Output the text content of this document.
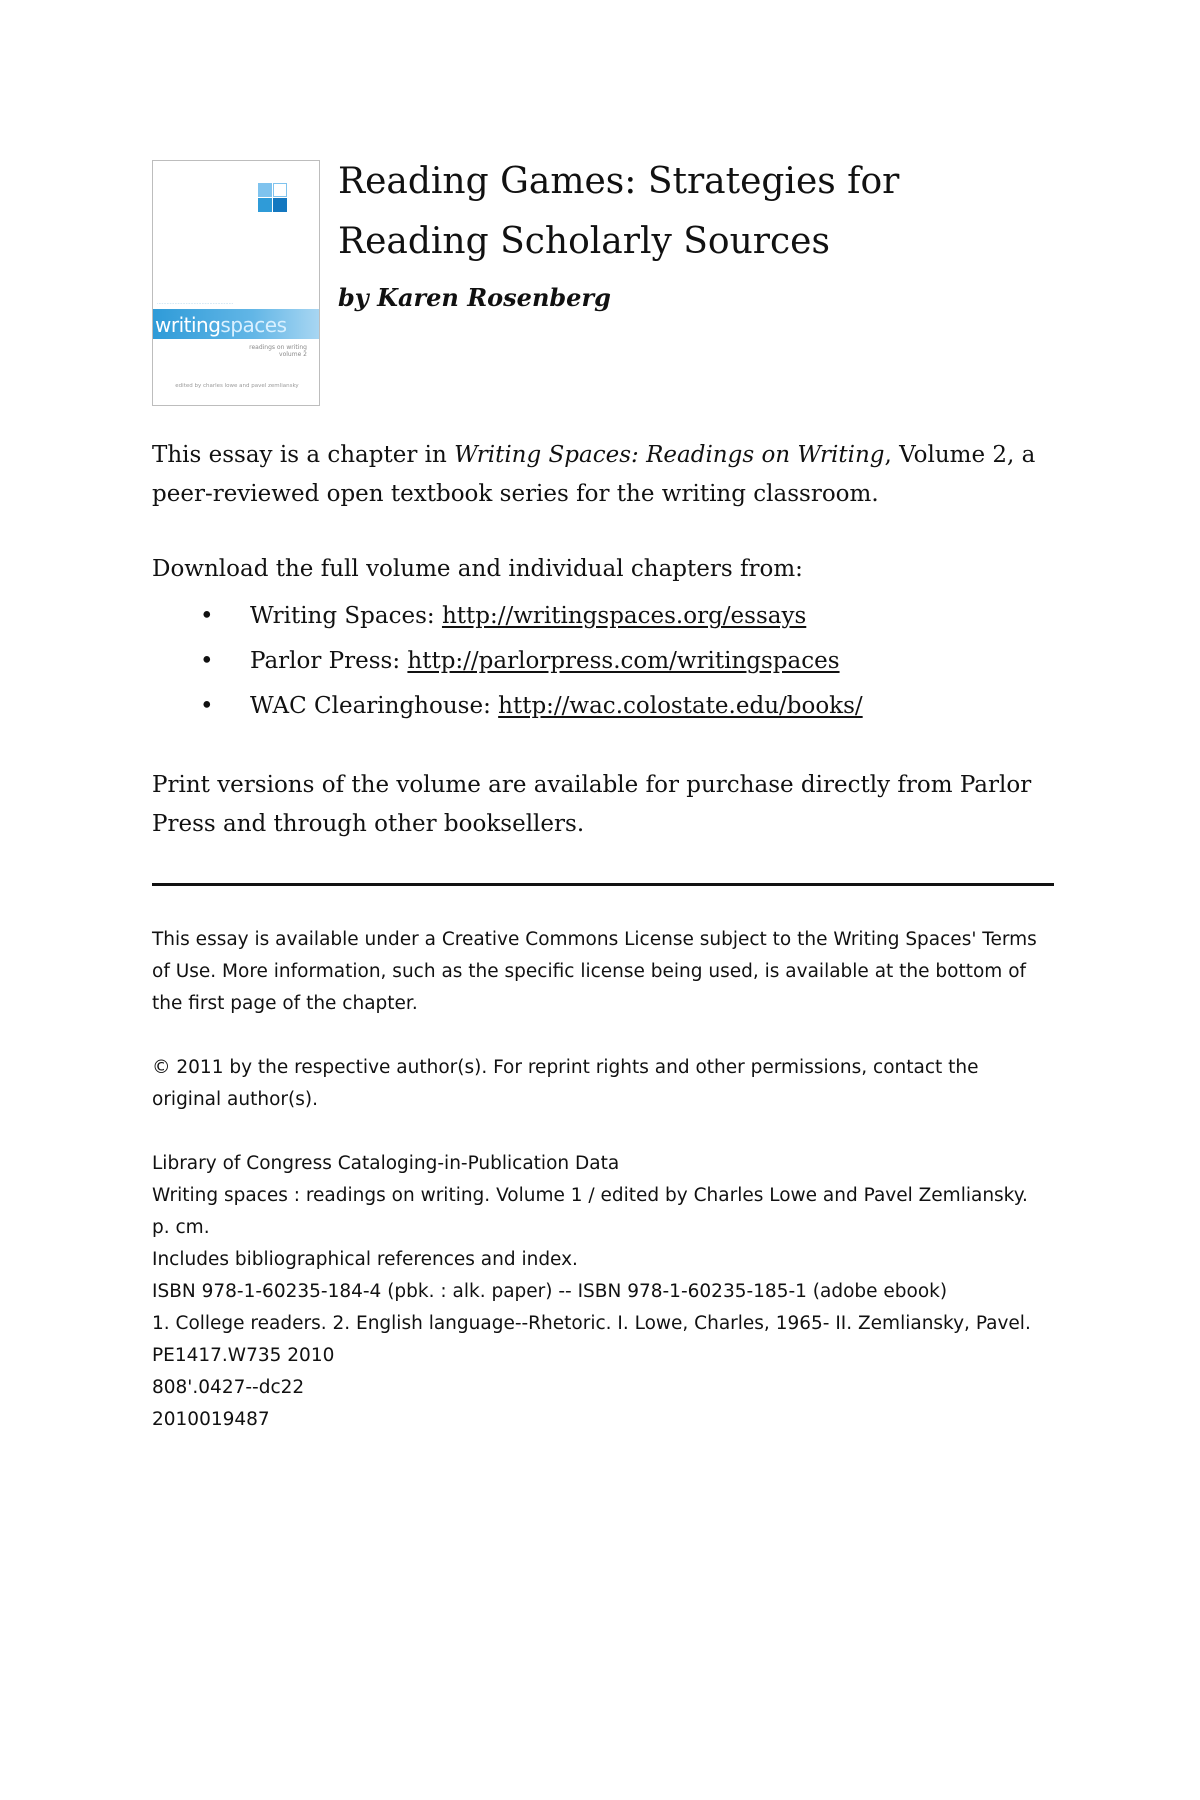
················································
writingspaces
readings on writing volume 2
edited by charles lowe and pavel zemliansky
Reading Games: Strategies for
Reading Scholarly Sources
by Karen Rosenberg

This essay is a chapter in Writing Spaces: Readings on Writing, Volume 2, a peer-reviewed open textbook series for the writing classroom.

Download the full volume and individual chapters from:

• Writing Spaces: http://writingspaces.org/essays
• Parlor Press: http://parlorpress.com/writingspaces
• WAC Clearinghouse: http://wac.colostate.edu/books/

Print versions of the volume are available for purchase directly from Parlor Press and through other booksellers.

This essay is available under a Creative Commons License subject to the Writing Spaces' Terms of Use. More information, such as the specific license being used, is available at the bottom of the first page of the chapter.

© 2011 by the respective author(s). For reprint rights and other permissions, contact the original author(s).

Library of Congress Cataloging-in-Publication Data
Writing spaces : readings on writing. Volume 1 / edited by Charles Lowe and Pavel Zemliansky.
p. cm.
Includes bibliographical references and index.
ISBN 978-1-60235-184-4 (pbk. : alk. paper) -- ISBN 978-1-60235-185-1 (adobe ebook)
1. College readers. 2. English language--Rhetoric. I. Lowe, Charles, 1965- II. Zemliansky, Pavel.
PE1417.W735 2010
808'.0427--dc22
2010019487
